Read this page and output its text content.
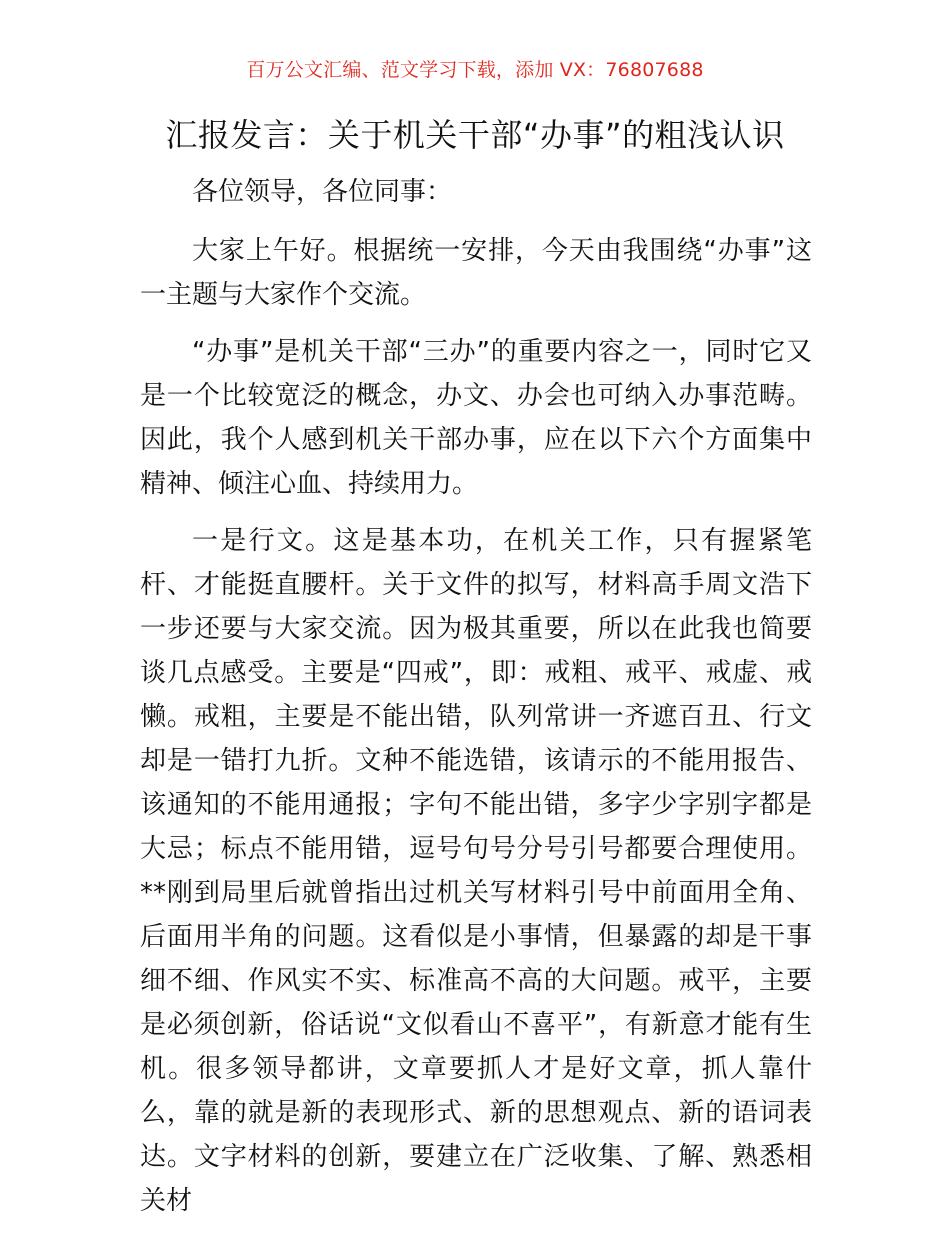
百万公文汇编、范文学习下载，添加 VX：76807688
汇报发言：关于机关干部“办事”的粗浅认识

各位领导，各位同事：

大家上午好。根据统一安排，今天由我围绕“办事”这一主题与大家作个交流。

“办事”是机关干部“三办”的重要内容之一，同时它又是一个比较宽泛的概念，办文、办会也可纳入办事范畴。因此，我个人感到机关干部办事，应在以下六个方面集中精神、倾注心血、持续用力。

一是行文。这是基本功，在机关工作，只有握紧笔杆、才能挺直腰杆。关于文件的拟写，材料高手周文浩下一步还要与大家交流。因为极其重要，所以在此我也简要谈几点感受。主要是“四戒”，即：戒粗、戒平、戒虚、戒懒。戒粗，主要是不能出错，队列常讲一齐遮百丑、行文却是一错打九折。文种不能选错，该请示的不能用报告、该通知的不能用通报；字句不能出错，多字少字别字都是大忌；标点不能用错，逗号句号分号引号都要合理使用。**刚到局里后就曾指出过机关写材料引号中前面用全角、后面用半角的问题。这看似是小事情，但暴露的却是干事细不细、作风实不实、标准高不高的大问题。戒平，主要是必须创新，俗话说“文似看山不喜平”，有新意才能有生机。很多领导都讲，文章要抓人才是好文章，抓人靠什么，靠的就是新的表现形式、新的思想观点、新的语词表达。文字材料的创新，要建立在广泛收集、了解、熟悉相关材
